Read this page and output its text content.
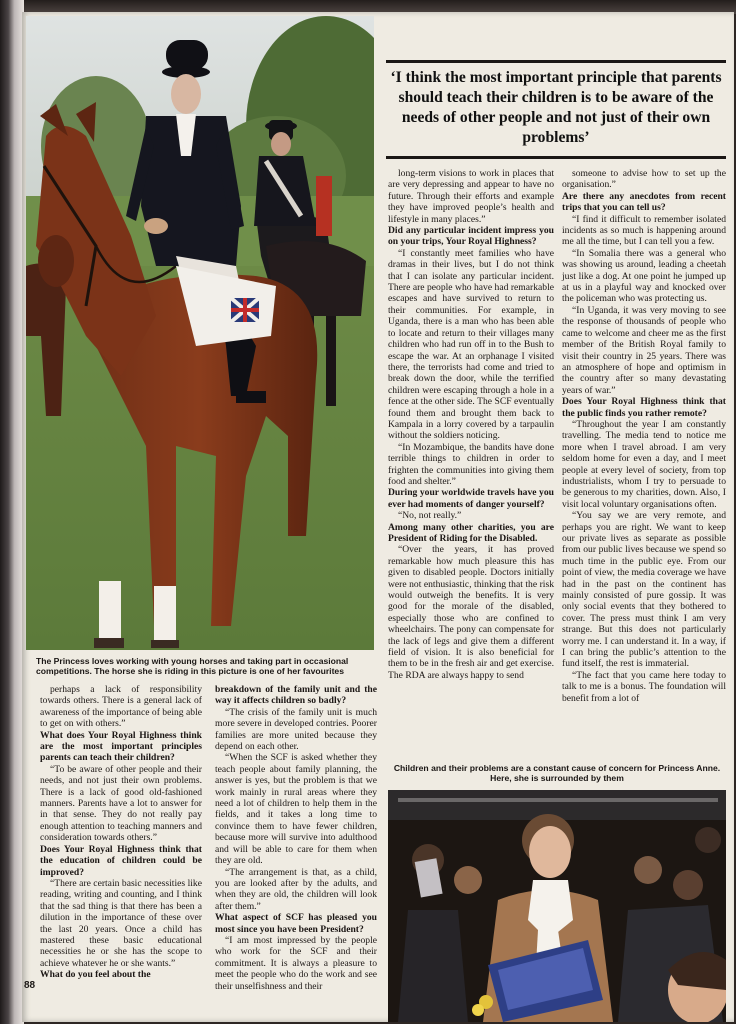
The Princess loves working with young horses and taking part in occasional competitions. The horse she is riding in this picture is one of her favourites
‘I think the most important principle that parents should teach their children is to be aware of the needs of other people and not just of their own problems’

perhaps a lack of responsibility towards others. There is a general lack of awareness of the importance of being able to get on with others.”

What does Your Royal Highness think are the most important principles parents can teach their children?

“To be aware of other people and their needs, and not just their own problems. There is a lack of good old-fashioned manners. Parents have a lot to answer for in that sense. They do not really pay enough attention to teaching manners and consideration towards others.”

Does Your Royal Highness think that the education of children could be improved?

“There are certain basic necessities like reading, writing and counting, and I think that the sad thing is that there has been a dilution in the importance of these over the last 20 years. Once a child has mastered these basic educational necessities he or she has the scope to achieve whatever he or she wants.”

What do you feel about the

breakdown of the family unit and the way it affects children so badly?

“The crisis of the family unit is much more severe in developed contries. Poorer families are more united because they depend on each other.

“When the SCF is asked whether they teach people about family planning, the answer is yes, but the problem is that we work mainly in rural areas where they need a lot of children to help them in the fields, and it takes a long time to convince them to have fewer children, because more will survive into adulthood and will be able to care for them when they are old.

“The arrangement is that, as a child, you are looked after by the adults, and when they are old, the children will look after them.”

What aspect of SCF has pleased you most since you have been President?

“I am most impressed by the people who work for the SCF and their commitment. It is always a pleasure to meet the people who do the work and see their unselfishness and their

long-term visions to work in places that are very depressing and appear to have no future. Through their efforts and example they have improved people’s health and lifestyle in many places.”

Did any particular incident impress you on your trips, Your Royal Highness?

“I constantly meet families who have dramas in their lives, but I do not think that I can isolate any particular incident. There are people who have had remarkable escapes and have survived to return to their communities. For example, in Uganda, there is a man who has been able to locate and return to their villages many children who had run off in to the Bush to escape the war. At an orphanage I visited there, the terrorists had come and tried to break down the door, while the terrified children were escaping through a hole in a fence at the other side. The SCF eventually found them and brought them back to Kampala in a lorry covered by a tarpaulin without the soldiers noticing.

“In Mozambique, the bandits have done terrible things to children in order to frighten the communities into giving them food and shelter.”

During your worldwide travels have you ever had moments of danger yourself?

“No, not really.”

Among many other charities, you are President of Riding for the Disabled.

“Over the years, it has proved remarkable how much pleasure this has given to disabled people. Doctors initially were not enthusiastic, thinking that the risk would outweigh the benefits. It is very good for the morale of the disabled, especially those who are confined to wheelchairs. The pony can compensate for the lack of legs and give them a different field of vision. It is also beneficial for them to be in the fresh air and get exercise. The RDA are always happy to send

someone to advise how to set up the organisation.”

Are there any anecdotes from recent trips that you can tell us?

“I find it difficult to remember isolated incidents as so much is happening around me all the time, but I can tell you a few.

“In Somalia there was a general who was showing us around, leading a cheetah just like a dog. At one point he jumped up at us in a playful way and knocked over the policeman who was protecting us.

“In Uganda, it was very moving to see the response of thousands of people who came to welcome and cheer me as the first member of the British Royal family to visit their country in 25 years. There was an atmosphere of hope and optimism in the country after so many devastating years of war.”

Does Your Royal Highness think that the public finds you rather remote?

“Throughout the year I am constantly travelling. The media tend to notice me more when I travel abroad. I am very seldom home for even a day, and I meet people at every level of society, from top industrialists, whom I try to persuade to be generous to my charities, down. Also, I visit local voluntary organisations often.

“You say we are very remote, and perhaps you are right. We want to keep our private lives as separate as possible from our public lives because we spend so much time in the public eye. From our point of view, the media coverage we have had in the past on the continent has mainly consisted of pure gossip. It was only social events that they bothered to cover. The press must think I am very strange. But this does not particularly worry me. I can understand it. In a way, if I can bring the public’s attention to the fund itself, the rest is immaterial.

“The fact that you came here today to talk to me is a bonus. The foundation will benefit from a lot of

Children and their problems are a constant cause of concern for Princess Anne. Here, she is surrounded by them
88
